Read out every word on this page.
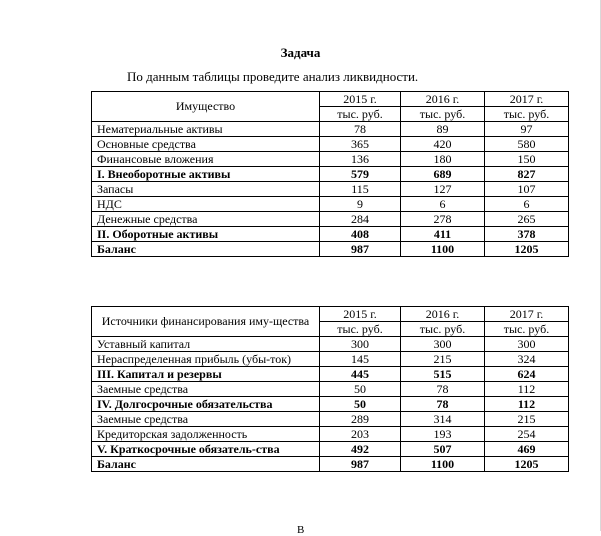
Задача
По данным таблицы проведите анализ ликвидности.
Имущество	2015 г.	2016 г.	2017 г.
	тыс. руб.	тыс. руб.	тыс. руб.
Нематериальные активы	78	89	97
Основные средства	365	420	580
Финансовые вложения	136	180	150
I. Внеоборотные активы	579	689	827
Запасы	115	127	107
НДС	9	6	6
Денежные средства	284	278	265
II. Оборотные активы	408	411	378
Баланс	987	1100	1205
Источники финансирования иму-щества	2015 г.	2016 г.	2017 г.
	тыс. руб.	тыс. руб.	тыс. руб.
Уставный капитал	300	300	300
Нераспределенная прибыль (убы-ток)	145	215	324
III. Капитал и резервы	445	515	624
Заемные средства	50	78	112
IV. Долгосрочные обязательства	50	78	112
Заемные средства	289	314	215
Кредиторская задолженность	203	193	254
V. Краткосрочные обязатель-ства	492	507	469
Баланс	987	1100	1205
В
